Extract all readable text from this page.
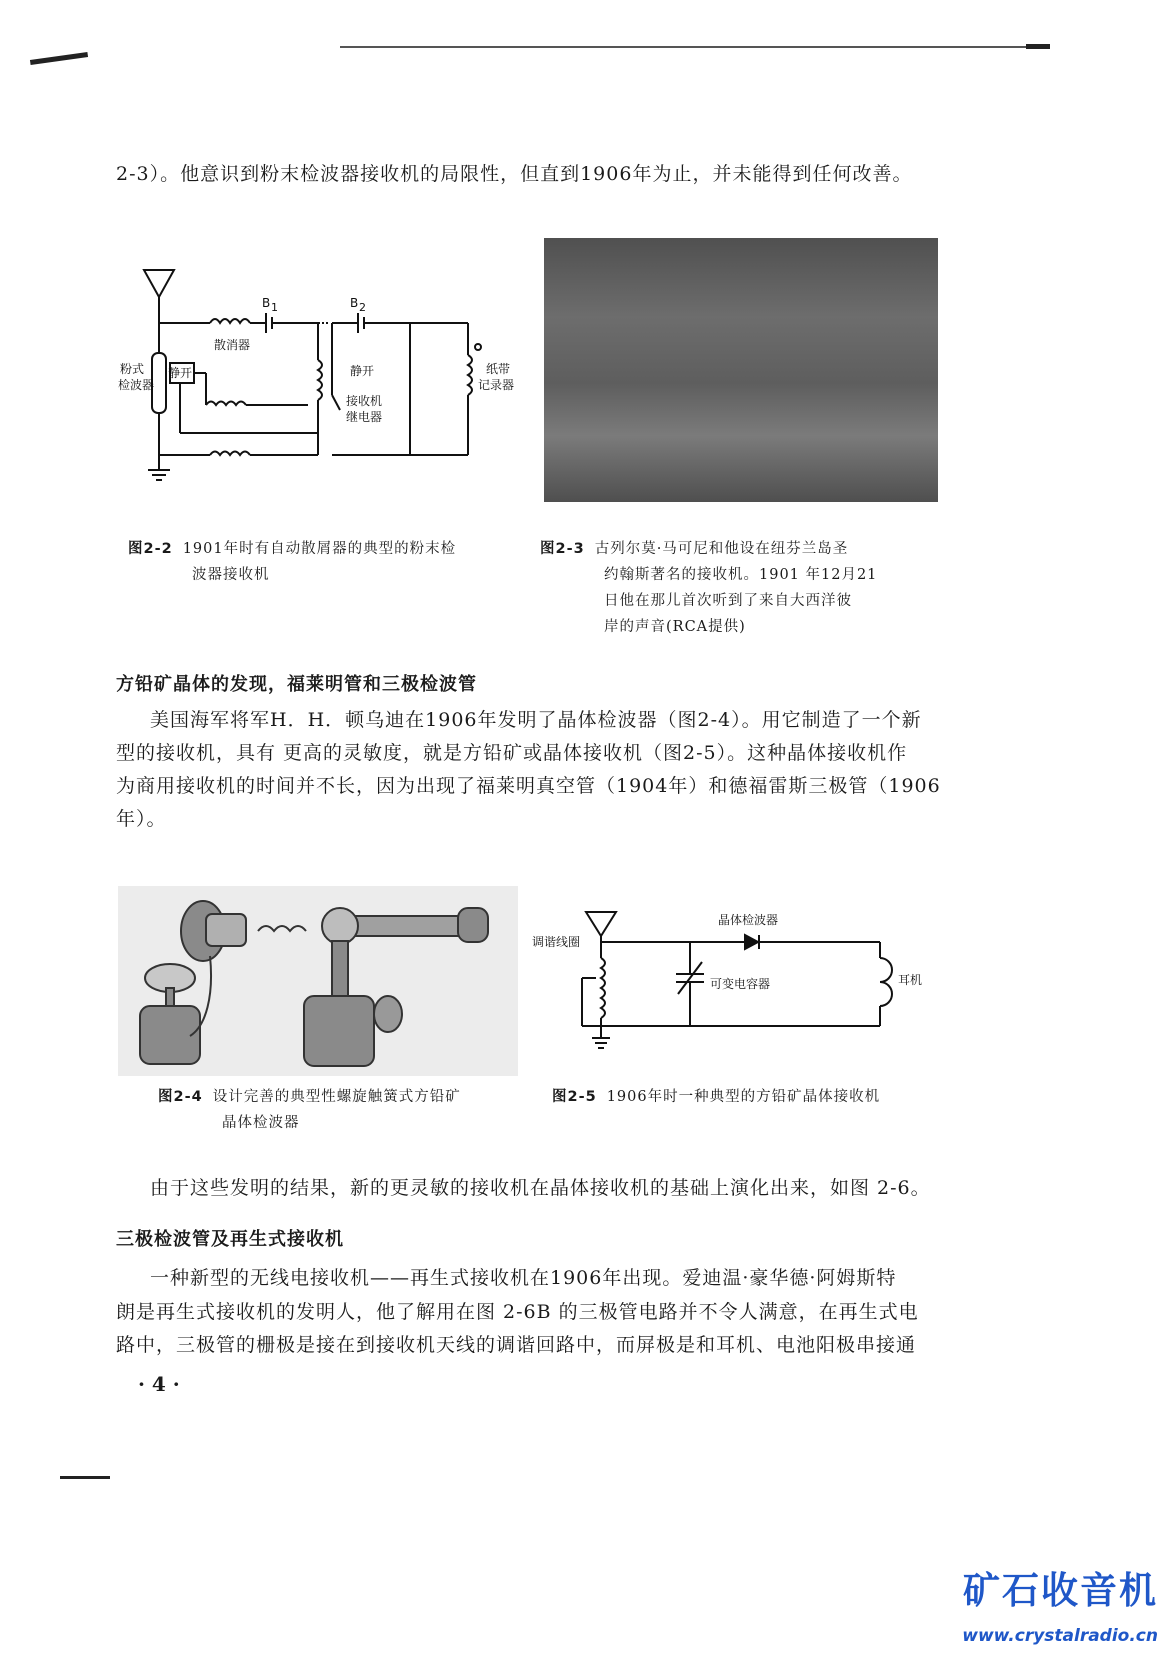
2-3）。他意识到粉末检波器接收机的局限性，但直到1906年为止，并未能得到任何改善。
B 1	B 2
粉式
检波器
散消器
静开	静开
接收机
继电器
纸带
记录器
图2-2 1901年时有自动散屑器的典型的粉末检
波器接收机
图2-3 古列尔莫·马可尼和他设在纽芬兰岛圣
约翰斯著名的接收机。1901 年12月21
日他在那儿首次听到了来自大西洋彼
岸的声音(RCA提供)
方铅矿晶体的发现，福莱明管和三极检波管
美国海军将军H．H．顿乌迪在1906年发明了晶体检波器（图2-4）。用它制造了一个新
型的接收机，具有 更高的灵敏度，就是方铅矿或晶体接收机（图2-5）。这种晶体接收机作
为商用接收机的时间并不长，因为出现了福莱明真空管（1904年）和德福雷斯三极管（1906
年）。
晶体检波器
调谐线圈
可变电容器	耳机
图2-4 设计完善的典型性螺旋触簧式方铅矿
晶体检波器
图2-5 1906年时一种典型的方铅矿晶体接收机
由于这些发明的结果，新的更灵敏的接收机在晶体接收机的基础上演化出来，如图 2-6。
三极检波管及再生式接收机
一种新型的无线电接收机——再生式接收机在1906年出现。爱迪温·豪华德·阿姆斯特
朗是再生式接收机的发明人，他了解用在图 2-6B 的三极管电路并不令人满意，在再生式电
路中，三极管的栅极是接在到接收机天线的调谐回路中，而屏极是和耳机、电池阳极串接通
· 4 ·
矿石收音机
www.crystalradio.cn
